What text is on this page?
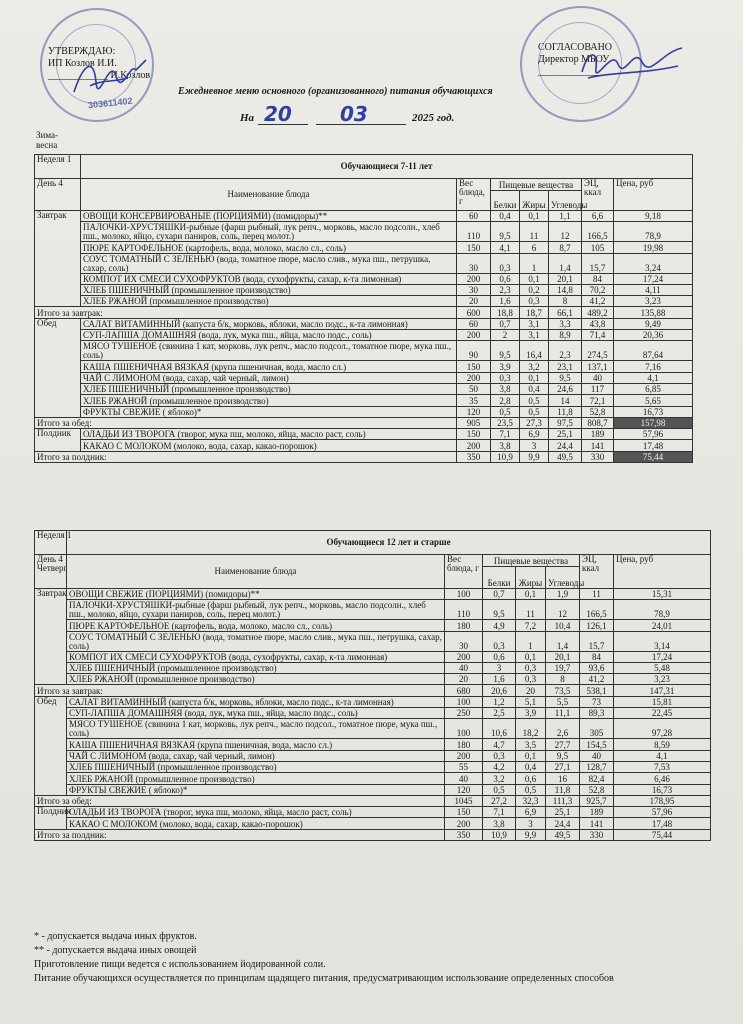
303611402
УТВЕРЖДАЮ:
ИП Козлов И.И.
____________ И.Козлов
СОГЛАСОВАНО
Директор МБОУ
____________
Ежедневное меню основного (организованного) питания обучающихся
На 20 03	2025 год.
Зима-
весна
Неделя 1	Обучающиеся 7-11 лет						
День 4	Наименование блюда	Вес блюда, г	Пищевые вещества			ЭЦ, ккал	Цена, руб
			Белки	Жиры	Углеводы		
Завтрак	ОВОЩИ КОНСЕРВИРОВАНЫЕ (ПОРЦИЯМИ) (помидоры)**	60	0,4	0,1	1,1	6,6	9,18
	ПАЛОЧКИ-ХРУСТЯШКИ-рыбные (фарш рыбный, лук репч., морковь, масло подсолн., хлеб пш., молоко, яйцо, сухари паниров, соль, перец молот.)	110	9,5	11	12	166,5	78,9
	ПЮРЕ КАРТОФЕЛЬНОЕ (картофель, вода, молоко, масло сл., соль)	150	4,1	6	8,7	105	19,98
	СОУС ТОМАТНЫЙ С ЗЕЛЕНЬЮ (вода, томатное пюре, масло слив., мука пш., петрушка, сахар, соль)	30	0,3	1	1,4	15,7	3,24
	КОМПОТ ИХ СМЕСИ СУХОФРУКТОВ (вода, сухофрукты, сахар, к-та лимонная)	200	0,6	0,1	20,1	84	17,24
	ХЛЕБ ПШЕНИЧНЫЙ (промышленное производство)	30	2,3	0,2	14,8	70,2	4,11
	ХЛЕБ РЖАНОЙ (промышленное производство)	20	1,6	0,3	8	41,2	3,23
Итого за завтрак:		600	18,8	18,7	66,1	489,2	135,88
Обед	САЛАТ ВИТАМИННЫЙ (капуста б/к, морковь, яблоки, масло подс., к-та лимонная)	60	0,7	3,1	3,3	43,8	9,49
	СУП-ЛАПША ДОМАШНЯЯ (вода, лук, мука пш., яйца, масло подс., соль)	200	2	3,1	8,9	71,4	20,36
	МЯСО ТУШЕНОЕ (свинина 1 кат, морковь, лук репч., масло подсол., томатное пюре, мука пш., соль)	90	9,5	16,4	2,3	274,5	87,64
	КАША ПШЕНИЧНАЯ ВЯЗКАЯ (крупа пшеничная, вода, масло сл.)	150	3,9	3,2	23,1	137,1	7,16
	ЧАЙ С ЛИМОНОМ (вода, сахар, чай черный, лимон)	200	0,3	0,1	9,5	40	4,1
	ХЛЕБ ПШЕНИЧНЫЙ (промышленное производство)	50	3,8	0,4	24,6	117	6,85
	ХЛЕБ РЖАНОЙ (промышленное производство)	35	2,8	0,5	14	72,1	5,65
	ФРУКТЫ СВЕЖИЕ ( яблоко)*	120	0,5	0,5	11,8	52,8	16,73
Итого за обед:		905	23,5	27,3	97,5	808,7	157,98
Полдник	ОЛАДЬИ ИЗ ТВОРОГА (творог, мука пш, молоко, яйца, масло раст, соль)	150	7,1	6,9	25,1	189	57,96
	КАКАО С МОЛОКОМ (молоко, вода, сахар, какао-порошок)	200	3,8	3	24,4	141	17,48
Итого за полдник:		350	10,9	9,9	49,5	330	75,44
Неделя 1	Обучающиеся 12 лет и старше						

День 4
Четверг	Наименование блюда	Вес блюда, г	Пищевые вещества			ЭЦ, ккал	Цена, руб
			Белки	Жиры	Углеводы		
Завтрак	ОВОЩИ СВЕЖИЕ (ПОРЦИЯМИ) (помидоры)**	100	0,7	0,1	1,9	11	15,31
	ПАЛОЧКИ-ХРУСТЯШКИ-рыбные (фарш рыбный, лук репч., морковь, масло подсолн., хлеб пш., молоко, яйцо, сухари паниров, соль, перец молот.)	110	9,5	11	12	166,5	78,9
	ПЮРЕ КАРТОФЕЛЬНОЕ (картофель, вода, молоко, масло сл., соль)	180	4,9	7,2	10,4	126,1	24,01
	СОУС ТОМАТНЫЙ С ЗЕЛЕНЬЮ (вода, томатное пюре, масло слив., мука пш., петрушка, сахар, соль)	30	0,3	1	1,4	15,7	3,14
	КОМПОТ ИХ СМЕСИ СУХОФРУКТОВ (вода, сухофрукты, сахар, к-та лимонная)	200	0,6	0,1	20,1	84	17,24
	ХЛЕБ ПШЕНИЧНЫЙ (промышленное производство)	40	3	0,3	19,7	93,6	5,48
	ХЛЕБ РЖАНОЙ (промышленное производство)	20	1,6	0,3	8	41,2	3,23
Итого за завтрак:		680	20,6	20	73,5	538,1	147,31
Обед	САЛАТ ВИТАМИННЫЙ (капуста б/к, морковь, яблоки, масло подс., к-та лимонная)	100	1,2	5,1	5,5	73	15,81
	СУП-ЛАПША ДОМАШНЯЯ (вода, лук, мука пш., яйца, масло подс., соль)	250	2,5	3,9	11,1	89,3	22,45
	МЯСО ТУШЕНОЕ (свинина 1 кат, морковь, лук репч., масло подсол., томатное пюре, мука пш., соль)	100	10,6	18,2	2,6	305	97,28
	КАША ПШЕНИЧНАЯ ВЯЗКАЯ (крупа пшеничная, вода, масло сл.)	180	4,7	3,5	27,7	154,5	8,59
	ЧАЙ С ЛИМОНОМ (вода, сахар, чай черный, лимон)	200	0,3	0,1	9,5	40	4,1
	ХЛЕБ ПШЕНИЧНЫЙ (промышленное производство)	55	4,2	0,4	27,1	128,7	7,53
	ХЛЕБ РЖАНОЙ (промышленное производство)	40	3,2	0,6	16	82,4	6,46
	ФРУКТЫ СВЕЖИЕ ( яблоко)*	120	0,5	0,5	11,8	52,8	16,73
Итого за обед:		1045	27,2	32,3	111,3	925,7	178,95
Полдник	ОЛАДЬИ ИЗ ТВОРОГА (творог, мука пш, молоко, яйца, масло раст, соль)	150	7,1	6,9	25,1	189	57,96
	КАКАО С МОЛОКОМ (молоко, вода, сахар, какао-порошок)	200	3,8	3	24,4	141	17,48
Итого за полдник:		350	10,9	9,9	49,5	330	75,44
* - допускается выдача иных фруктов.
** - допускается выдача иных овощей
Приготовление пищи ведется с использованием йодированной соли.
Питание обучающихся осуществляется по принципам щадящего питания, предусматривающим использование определенных способов
